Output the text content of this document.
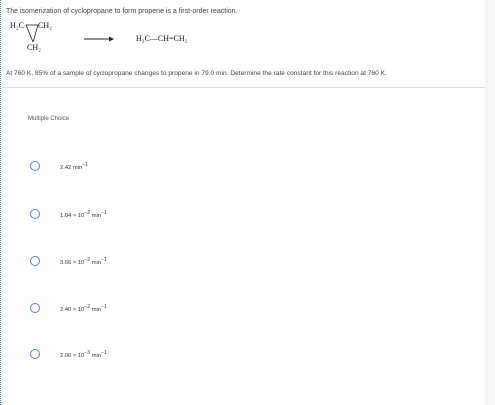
The isomerization of cyclopropane to form propene is a first-order reaction.
H₂C CH₂
CH₂
H₃C—CH=CH₂
At 760 K, 85% of a sample of cyclopropane changes to propene in 79.0 min. Determine the rate constant for this reaction at 760 K.
Multiple Choice
2.42 $\min^{-1}$
$1.04 \times 10^{-2}$ $\min^{-1}$
$3.66 \times 10^{-2}$ $\min^{-1}$
$2.40 \times 10^{-2}$ $\min^{-1}$
$2.06 \times 10^{-3}$ $\min^{-1}$
